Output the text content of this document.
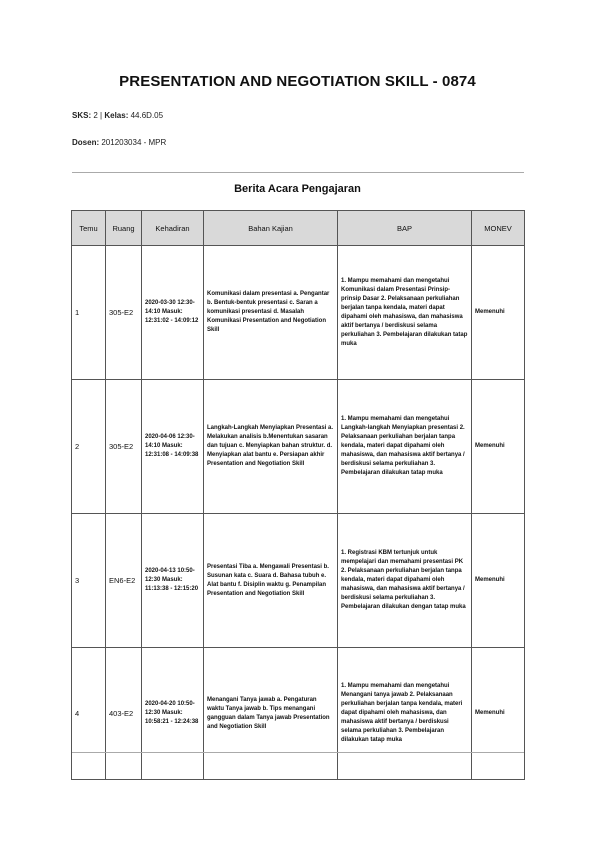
PRESENTATION AND NEGOTIATION SKILL - 0874
SKS: 2 | Kelas: 44.6D.05
Dosen: 201203034 - MPR
Berita Acara Pengajaran
Temu	Ruang	Kehadiran	Bahan Kajian	BAP	MONEV
1	305-E2	2020-03-30 12:30-14:10 Masuk: 12:31:02 - 14:09:12	Komunikasi dalam presentasi a. Pengantar b. Bentuk-bentuk presentasi c. Saran a komunikasi presentasi d. Masalah Komunikasi Presentation and Negotiation Skill	1. Mampu memahami dan mengetahui Komunikasi dalam Presentasi Prinsip-prinsip Dasar 2. Pelaksanaan perkuliahan berjalan tanpa kendala, materi dapat dipahami oleh mahasiswa, dan mahasiswa aktif bertanya / berdiskusi selama perkuliahan 3. Pembelajaran dilakukan tatap muka	Memenuhi
2	305-E2	2020-04-06 12:30-14:10 Masuk: 12:31:08 - 14:09:38	Langkah-Langkah Menyiapkan Presentasi a. Melakukan analisis b.Menentukan sasaran dan tujuan c. Menyiapkan bahan struktur. d. Menyiapkan alat bantu e. Persiapan akhir Presentation and Negotiation Skill	1. Mampu memahami dan mengetahui Langkah-langkah Menyiapkan presentasi 2. Pelaksanaan perkuliahan berjalan tanpa kendala, materi dapat dipahami oleh mahasiswa, dan mahasiswa aktif bertanya / berdiskusi selama perkuliahan 3. Pembelajaran dilakukan tatap muka	Memenuhi
3	EN6-E2	2020-04-13 10:50-12:30 Masuk: 11:13:38 - 12:15:20	Presentasi Tiba a. Mengawali Presentasi b. Susunan kata c. Suara d. Bahasa tubuh e. Alat bantu f. Disiplin waktu g. Penampilan Presentation and Negotiation Skill	1. Registrasi KBM tertunjuk untuk mempelajari dan memahami presentasi PK 2. Pelaksanaan perkuliahan berjalan tanpa kendala, materi dapat dipahami oleh mahasiswa, dan mahasiswa aktif bertanya / berdiskusi selama perkuliahan 3. Pembelajaran dilakukan dengan tatap muka	Memenuhi
4	403-E2	2020-04-20 10:50-12:30 Masuk: 10:58:21 - 12:24:38	Menangani Tanya jawab a. Pengaturan waktu Tanya jawab b. Tips menangani gangguan dalam Tanya jawab Presentation and Negotiation Skill	1. Mampu memahami dan mengetahui Menangani tanya jawab 2. Pelaksanaan perkuliahan berjalan tanpa kendala, materi dapat dipahami oleh mahasiswa, dan mahasiswa aktif bertanya / berdiskusi selama perkuliahan 3. Pembelajaran dilakukan tatap muka	Memenuhi
